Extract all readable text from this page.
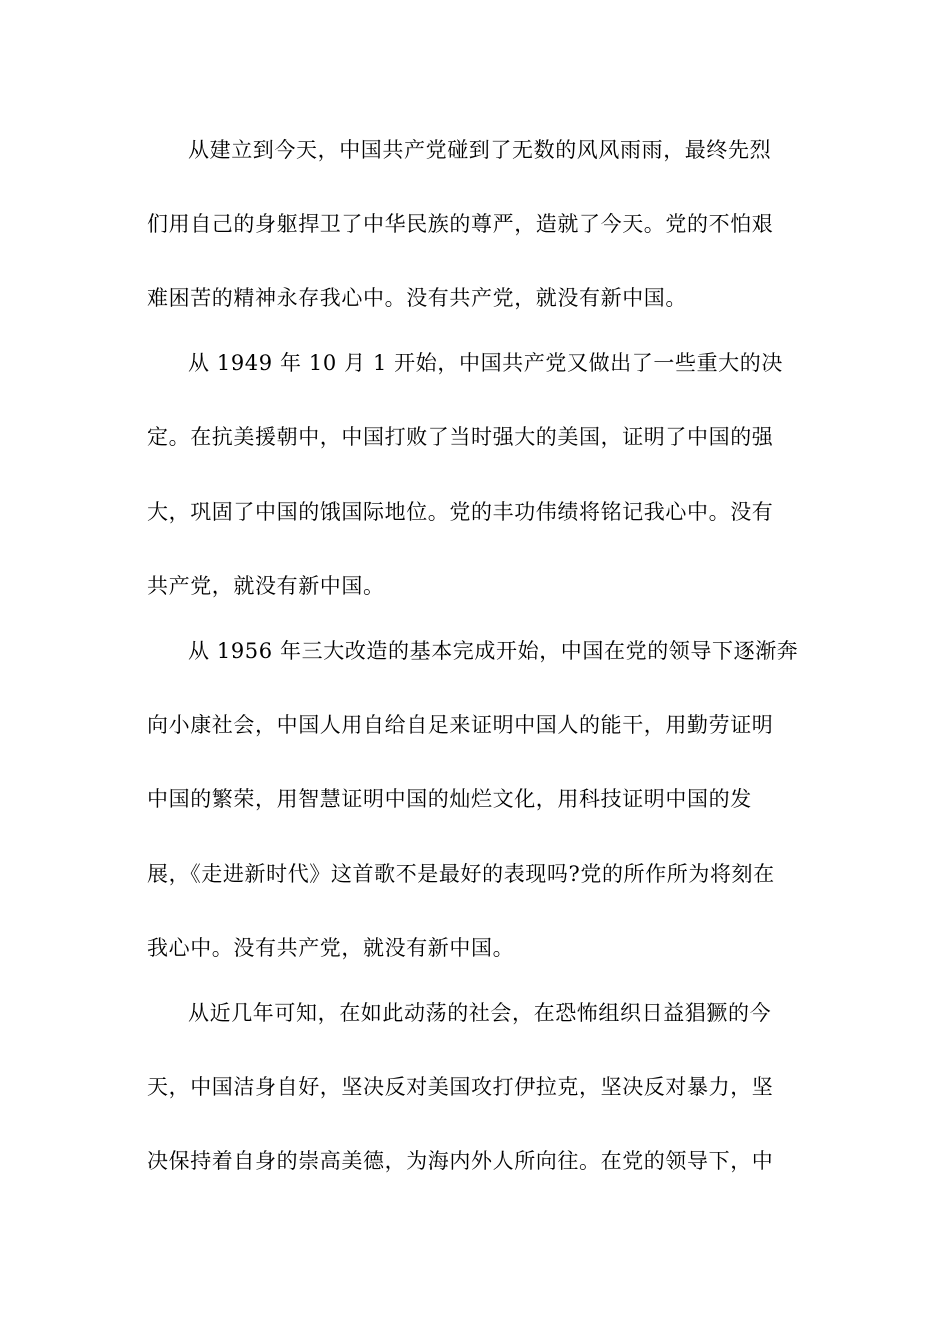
从建立到今天，中国共产党碰到了无数的风风雨雨，最终先烈
们用自己的身躯捍卫了中华民族的尊严，造就了今天。党的不怕艰
难困苦的精神永存我心中。没有共产党，就没有新中国。
从 1949 年 10 月 1 开始，中国共产党又做出了一些重大的决
定。在抗美援朝中，中国打败了当时强大的美国，证明了中国的强
大，巩固了中国的饿国际地位。党的丰功伟绩将铭记我心中。没有
共产党，就没有新中国。
从 1956 年三大改造的基本完成开始，中国在党的领导下逐渐奔
向小康社会，中国人用自给自足来证明中国人的能干，用勤劳证明
中国的繁荣，用智慧证明中国的灿烂文化，用科技证明中国的发
展，《走进新时代》这首歌不是最好的表现吗?党的所作所为将刻在
我心中。没有共产党，就没有新中国。
从近几年可知，在如此动荡的社会，在恐怖组织日益猖獗的今
天，中国洁身自好，坚决反对美国攻打伊拉克，坚决反对暴力，坚
决保持着自身的崇高美德，为海内外人所向往。在党的领导下，中
